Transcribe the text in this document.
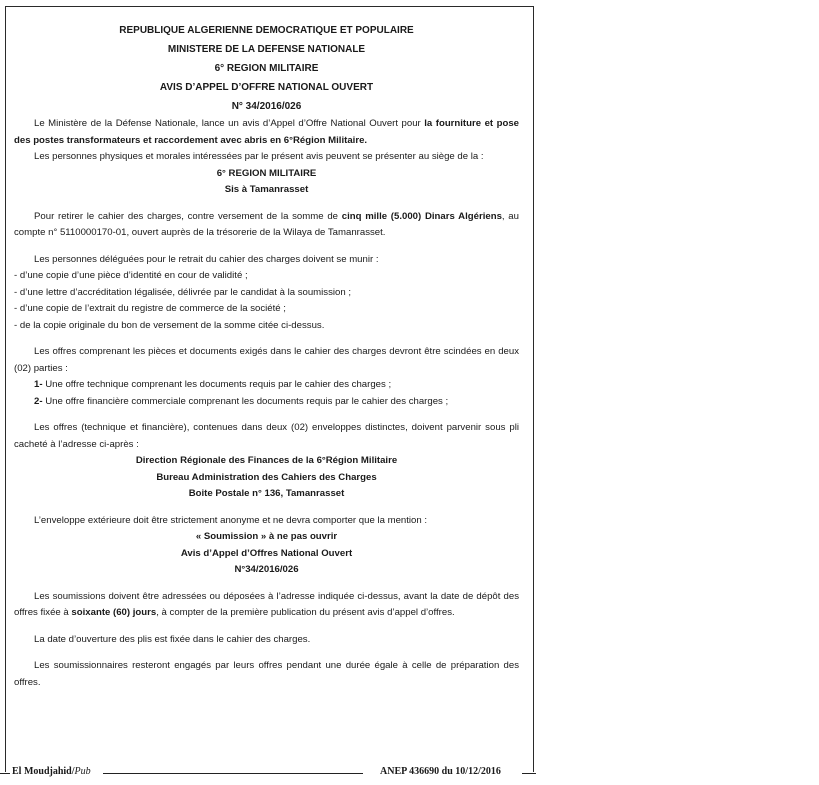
REPUBLIQUE ALGERIENNE DEMOCRATIQUE ET POPULAIRE
MINISTERE DE LA DEFENSE NATIONALE
6° REGION MILITAIRE
AVIS D’APPEL D’OFFRE NATIONAL OUVERT
N° 34/2016/026

Le Ministère de la Défense Nationale, lance un avis d’Appel d’Offre National Ouvert pour la fourniture et pose des postes transformateurs et raccordement avec abris en 6°Région Militaire.

Les personnes physiques et morales intéressées par le présent avis peuvent se présenter au siège de la :

6° REGION MILITAIRE
Sis à Tamanrasset

Pour retirer le cahier des charges, contre versement de la somme de cinq mille (5.000) Dinars Algériens, au compte n° 5110000170-01, ouvert auprès de la trésorerie de la Wilaya de Tamanrasset.

Les personnes déléguées pour le retrait du cahier des charges doivent se munir :

- d’une copie d’une pièce d’identité en cour de validité ;

- d’une lettre d’accréditation légalisée, délivrée par le candidat à la soumission ;

- d’une copie de l’extrait du registre de commerce de la société ;

- de la copie originale du bon de versement de la somme citée ci-dessus.

Les offres comprenant les pièces et documents exigés dans le cahier des charges devront être scindées en deux (02) parties :

1- Une offre technique comprenant les documents requis par le cahier des charges ;

2- Une offre financière commerciale comprenant les documents requis par le cahier des charges ;

Les offres (technique et financière), contenues dans deux (02) enveloppes distinctes, doivent parvenir sous pli cacheté à l’adresse ci-après :

Direction Régionale des Finances de la 6°Région Militaire
Bureau Administration des Cahiers des Charges
Boite Postale n° 136, Tamanrasset

L’enveloppe extérieure doit être strictement anonyme et ne devra comporter que la mention :

« Soumission » à ne pas ouvrir
Avis d’Appel d’Offres National Ouvert
N°34/2016/026

Les soumissions doivent être adressées ou déposées à l’adresse indiquée ci-dessus, avant la date de dépôt des offres fixée à soixante (60) jours, à compter de la première publication du présent avis d’appel d’offres.

La date d’ouverture des plis est fixée dans le cahier des charges.

Les soumissionnaires resteront engagés par leurs offres pendant une durée égale à celle de préparation des offres.

El Moudjahid/Pub	ANEP 436690 du 10/12/2016
